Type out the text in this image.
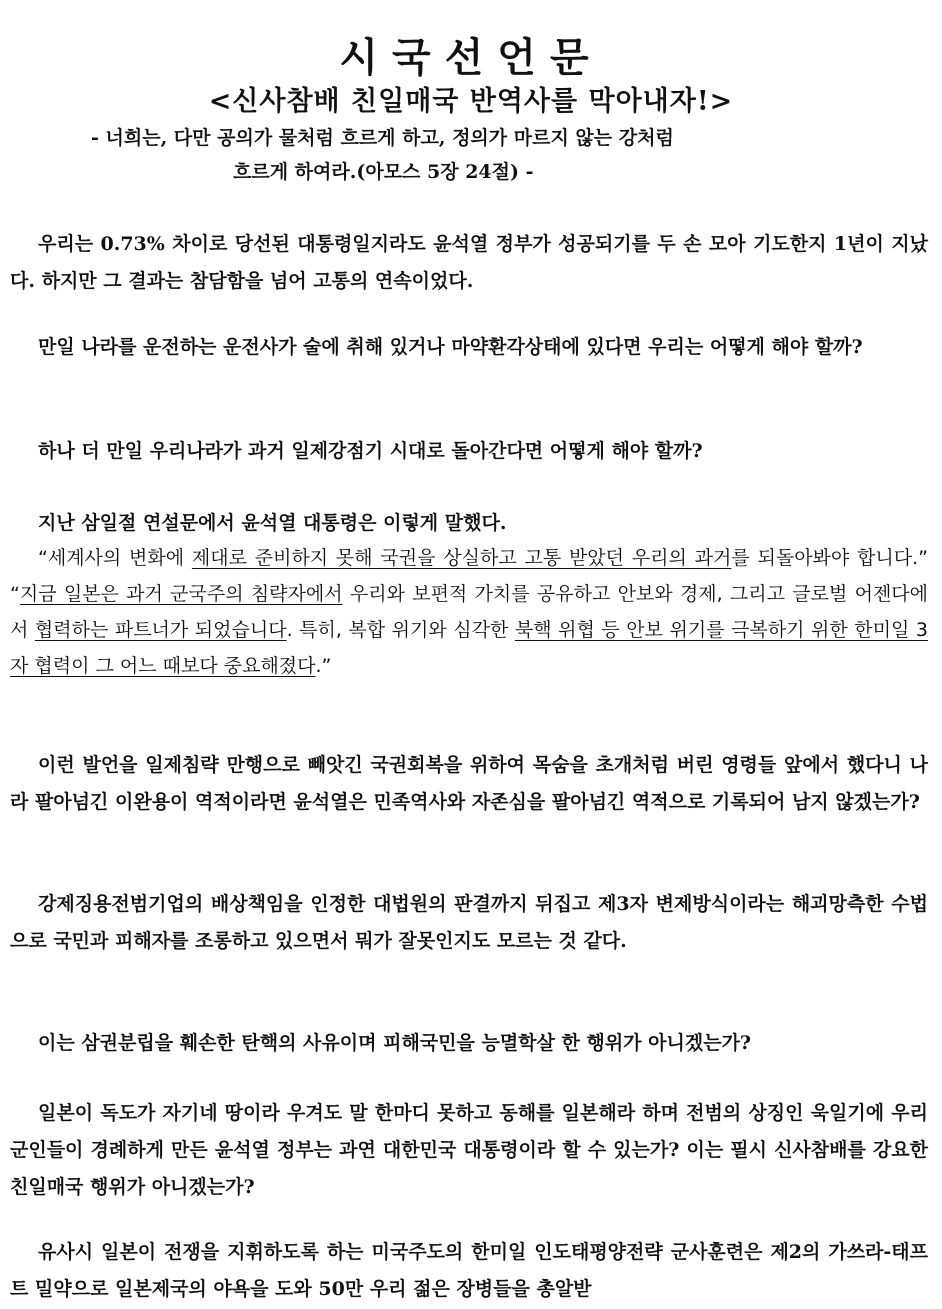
시국선언문
<신사참배 친일매국 반역사를 막아내자!>

- 너희는, 다만 공의가 물처럼 흐르게 하고, 정의가 마르지 않는 강처럼

흐르게 하여라.(아모스 5장 24절) -

우리는 0.73% 차이로 당선된 대통령일지라도 윤석열 정부가 성공되기를 두 손 모아 기도한지 1년이 지났다. 하지만 그 결과는 참담함을 넘어 고통의 연속이었다.

만일 나라를 운전하는 운전사가 술에 취해 있거나 마약환각상태에 있다면 우리는 어떻게 해야 할까?

하나 더 만일 우리나라가 과거 일제강점기 시대로 돌아간다면 어떻게 해야 할까?

지난 삼일절 연설문에서 윤석열 대통령은 이렇게 말했다.

“세계사의 변화에 제대로 준비하지 못해 국권을 상실하고 고통 받았던 우리의 과거를 되돌아봐야 합니다.” “지금 일본은 과거 군국주의 침략자에서 우리와 보편적 가치를 공유하고 안보와 경제, 그리고 글로벌 어젠다에서 협력하는 파트너가 되었습니다. 특히, 복합 위기와 심각한 북핵 위협 등 안보 위기를 극복하기 위한 한미일 3자 협력이 그 어느 때보다 중요해졌다.”

이런 발언을 일제침략 만행으로 빼앗긴 국권회복을 위하여 목숨을 초개처럼 버린 영령들 앞에서 했다니 나라 팔아넘긴 이완용이 역적이라면 윤석열은 민족역사와 자존심을 팔아넘긴 역적으로 기록되어 남지 않겠는가?

강제징용전범기업의 배상책임을 인정한 대법원의 판결까지 뒤집고 제3자 변제방식이라는 해괴망측한 수법으로 국민과 피해자를 조롱하고 있으면서 뭐가 잘못인지도 모르는 것 같다.

이는 삼권분립을 훼손한 탄핵의 사유이며 피해국민을 능멸학살 한 행위가 아니겠는가?

일본이 독도가 자기네 땅이라 우겨도 말 한마디 못하고 동해를 일본해라 하며 전범의 상징인 욱일기에 우리 군인들이 경례하게 만든 윤석열 정부는 과연 대한민국 대통령이라 할 수 있는가? 이는 필시 신사참배를 강요한 친일매국 행위가 아니겠는가?

유사시 일본이 전쟁을 지휘하도록 하는 미국주도의 한미일 인도태평양전략 군사훈련은 제2의 가쓰라-태프트 밀약으로 일본제국의 야욕을 도와 50만 우리 젊은 장병들을 총알받
